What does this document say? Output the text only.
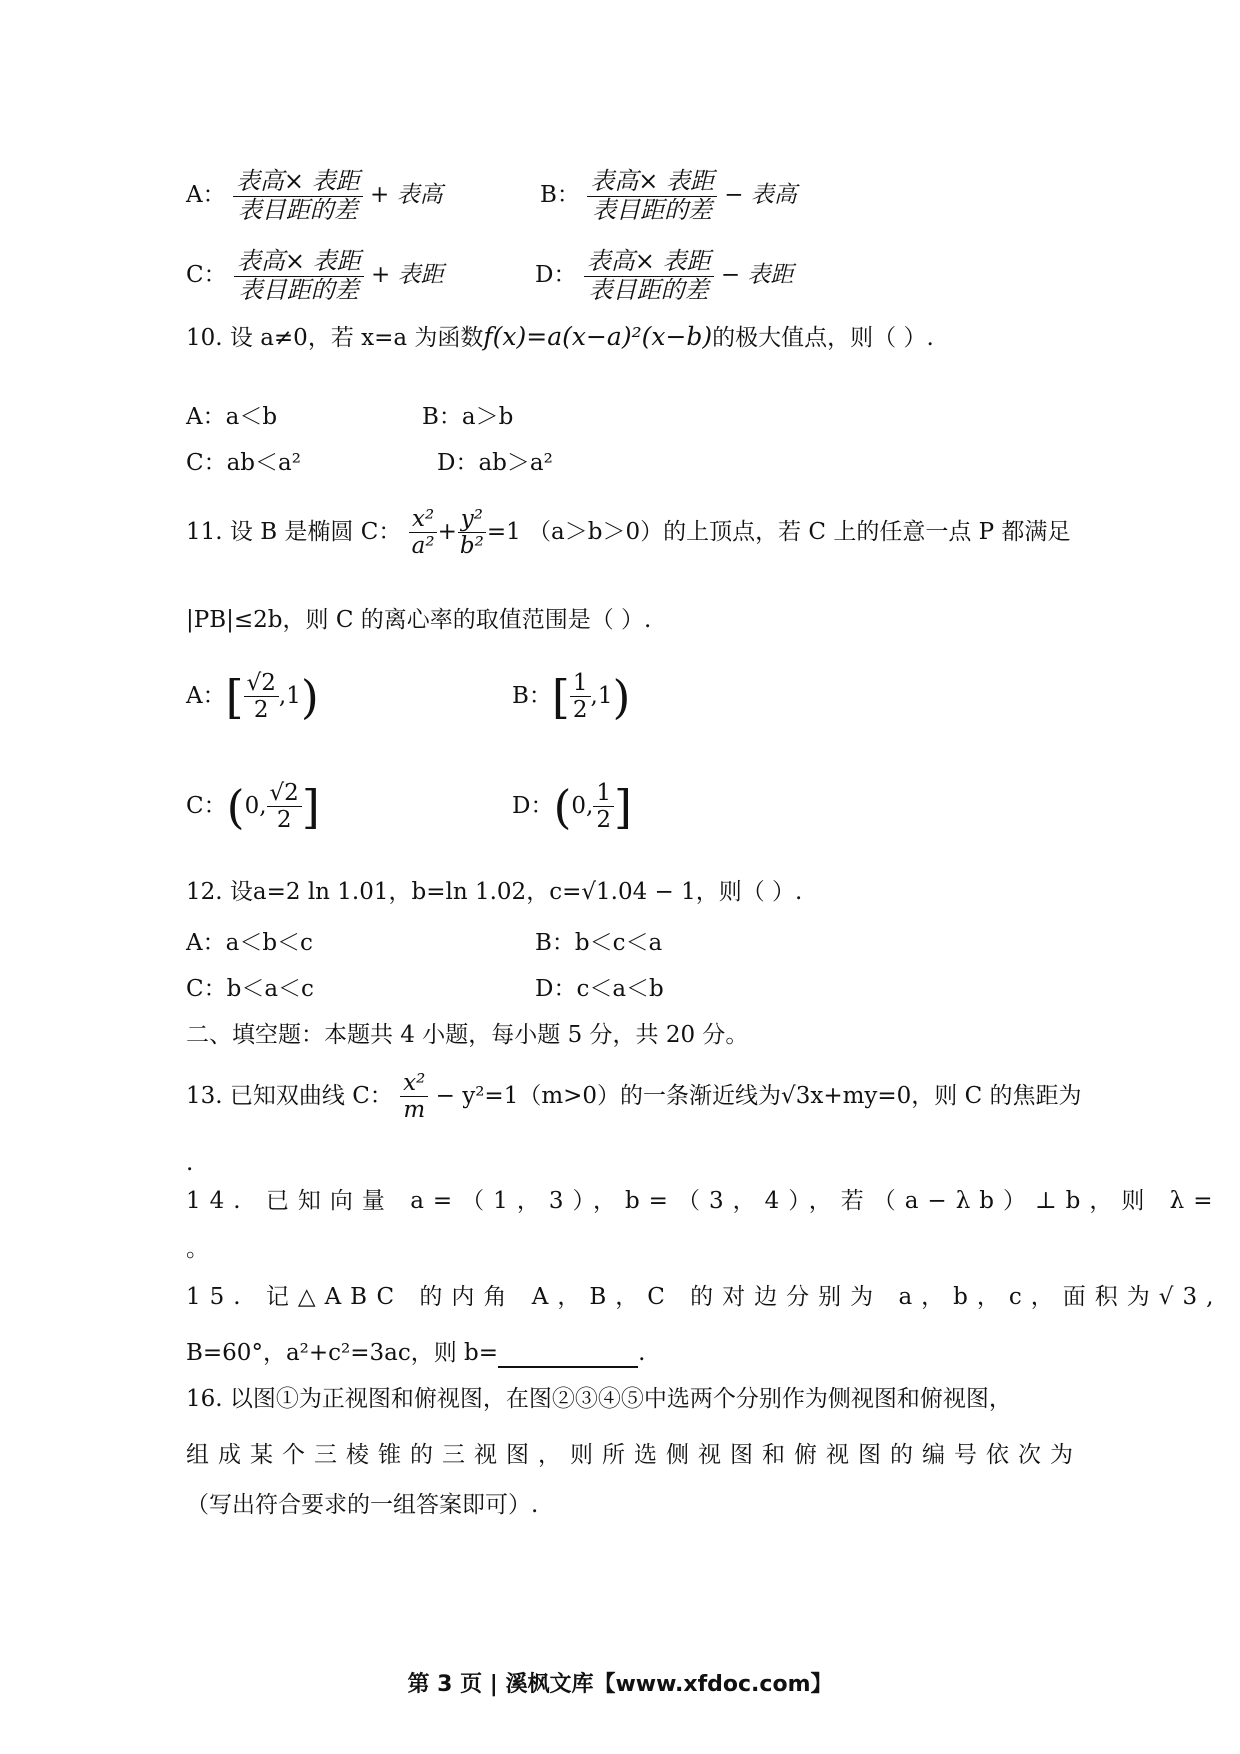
A： $\frac{\text{表高× 表距}}{\text{表目距的差}}$ + 表高	B： $\frac{\text{表高× 表距}}{\text{表目距的差}}$ − 表高
C： $\frac{\text{表高× 表距}}{\text{表目距的差}}$ + 表距	D： $\frac{\text{表高× 表距}}{\text{表目距的差}}$ − 表距
10. 设 a≠0，若 x=a 为函数f(x)=a(x−a)²(x−b)的极大值点，则（ ）.
A：a＜b	B：a＞b
C：ab＜a²	D：ab＞a²
11. 设 B 是椭圆 C： $\frac{\text{x²}}{\text{a²}} + \frac{\text{y²}}{\text{b²}} =1$ （a＞b＞0）的上顶点，若 C 上的任意一点 P 都满足
|PB|≤2b，则 C 的离心率的取值范围是（ ）.
A：[ $\frac{√2}{2} ,1$)	B：[ $\frac{1}{2} ,1$)
C：(0, $\frac{√2}{2}$ ]	D：(0, $\frac{1}{2}$ ]
12. 设a=2 ln 1.01，b=ln 1.02，c=√1.04 − 1，则（ ）.
A：a＜b＜c	B：b＜c＜a
C：b＜a＜c	D：c＜a＜b
二、填空题：本题共 4 小题，每小题 5 分，共 20 分。
13. 已知双曲线 C： $\frac{\text{x²}}{m} - y^2=1(m>0)$的一条渐近线为√3x+my=0，则 C 的焦距为
.
14. 已知向量 a=（1，3），b=（3，4），若（a−λb）⊥b，则 λ=
。
15. 记△ABC 的内角 A，B，C 的对边分别为 a，b，c，面积为√3,
B=60°，a²+c²=3ac，则 b=	.
16. 以图①为正视图和俯视图，在图②③④⑤中选两个分别作为侧视图和俯视图，
组成某个三棱锥的三视图，则所选侧视图和俯视图的编号依次为
（写出符合要求的一组答案即可）.
第 3 页 | 溪枫文库【www.xfdoc.com】
